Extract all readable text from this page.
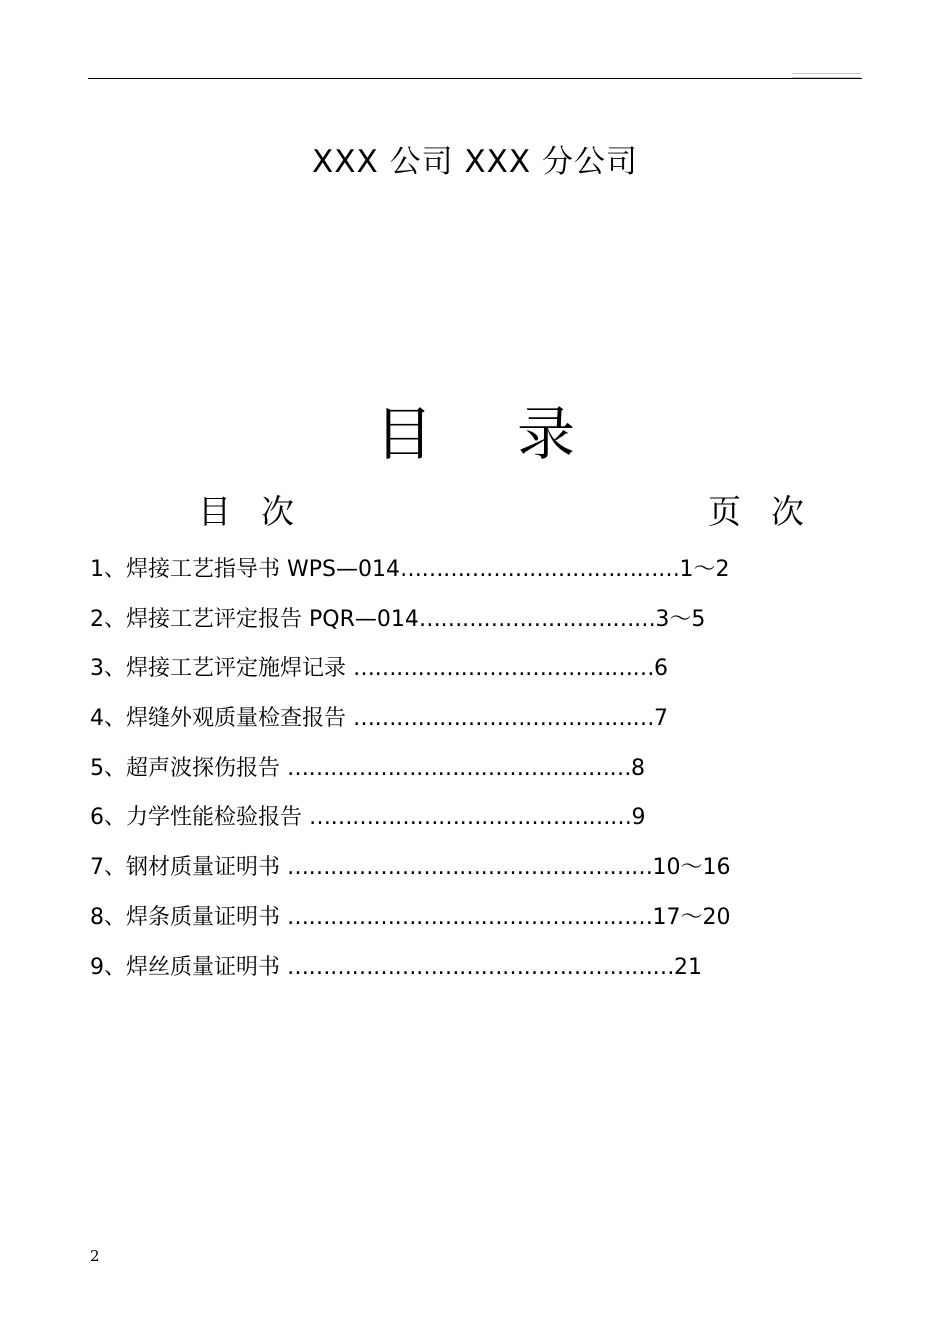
XXX 公司 XXX 分公司
目录
目次	页次
1、焊接工艺指导书 WPS—014…………………………………1～2
2、焊接工艺评定报告 PQR—014……………………………3～5
3、焊接工艺评定施焊记录 ……………………………………6
4、焊缝外观质量检查报告 ……………………………………7
5、超声波探伤报告 …………………………………………8
6、力学性能检验报告 ………………………………………9
7、钢材质量证明书 ……………………………………………10～16
8、焊条质量证明书 ……………………………………………17～20
9、焊丝质量证明书 ………………………………………………21
2
